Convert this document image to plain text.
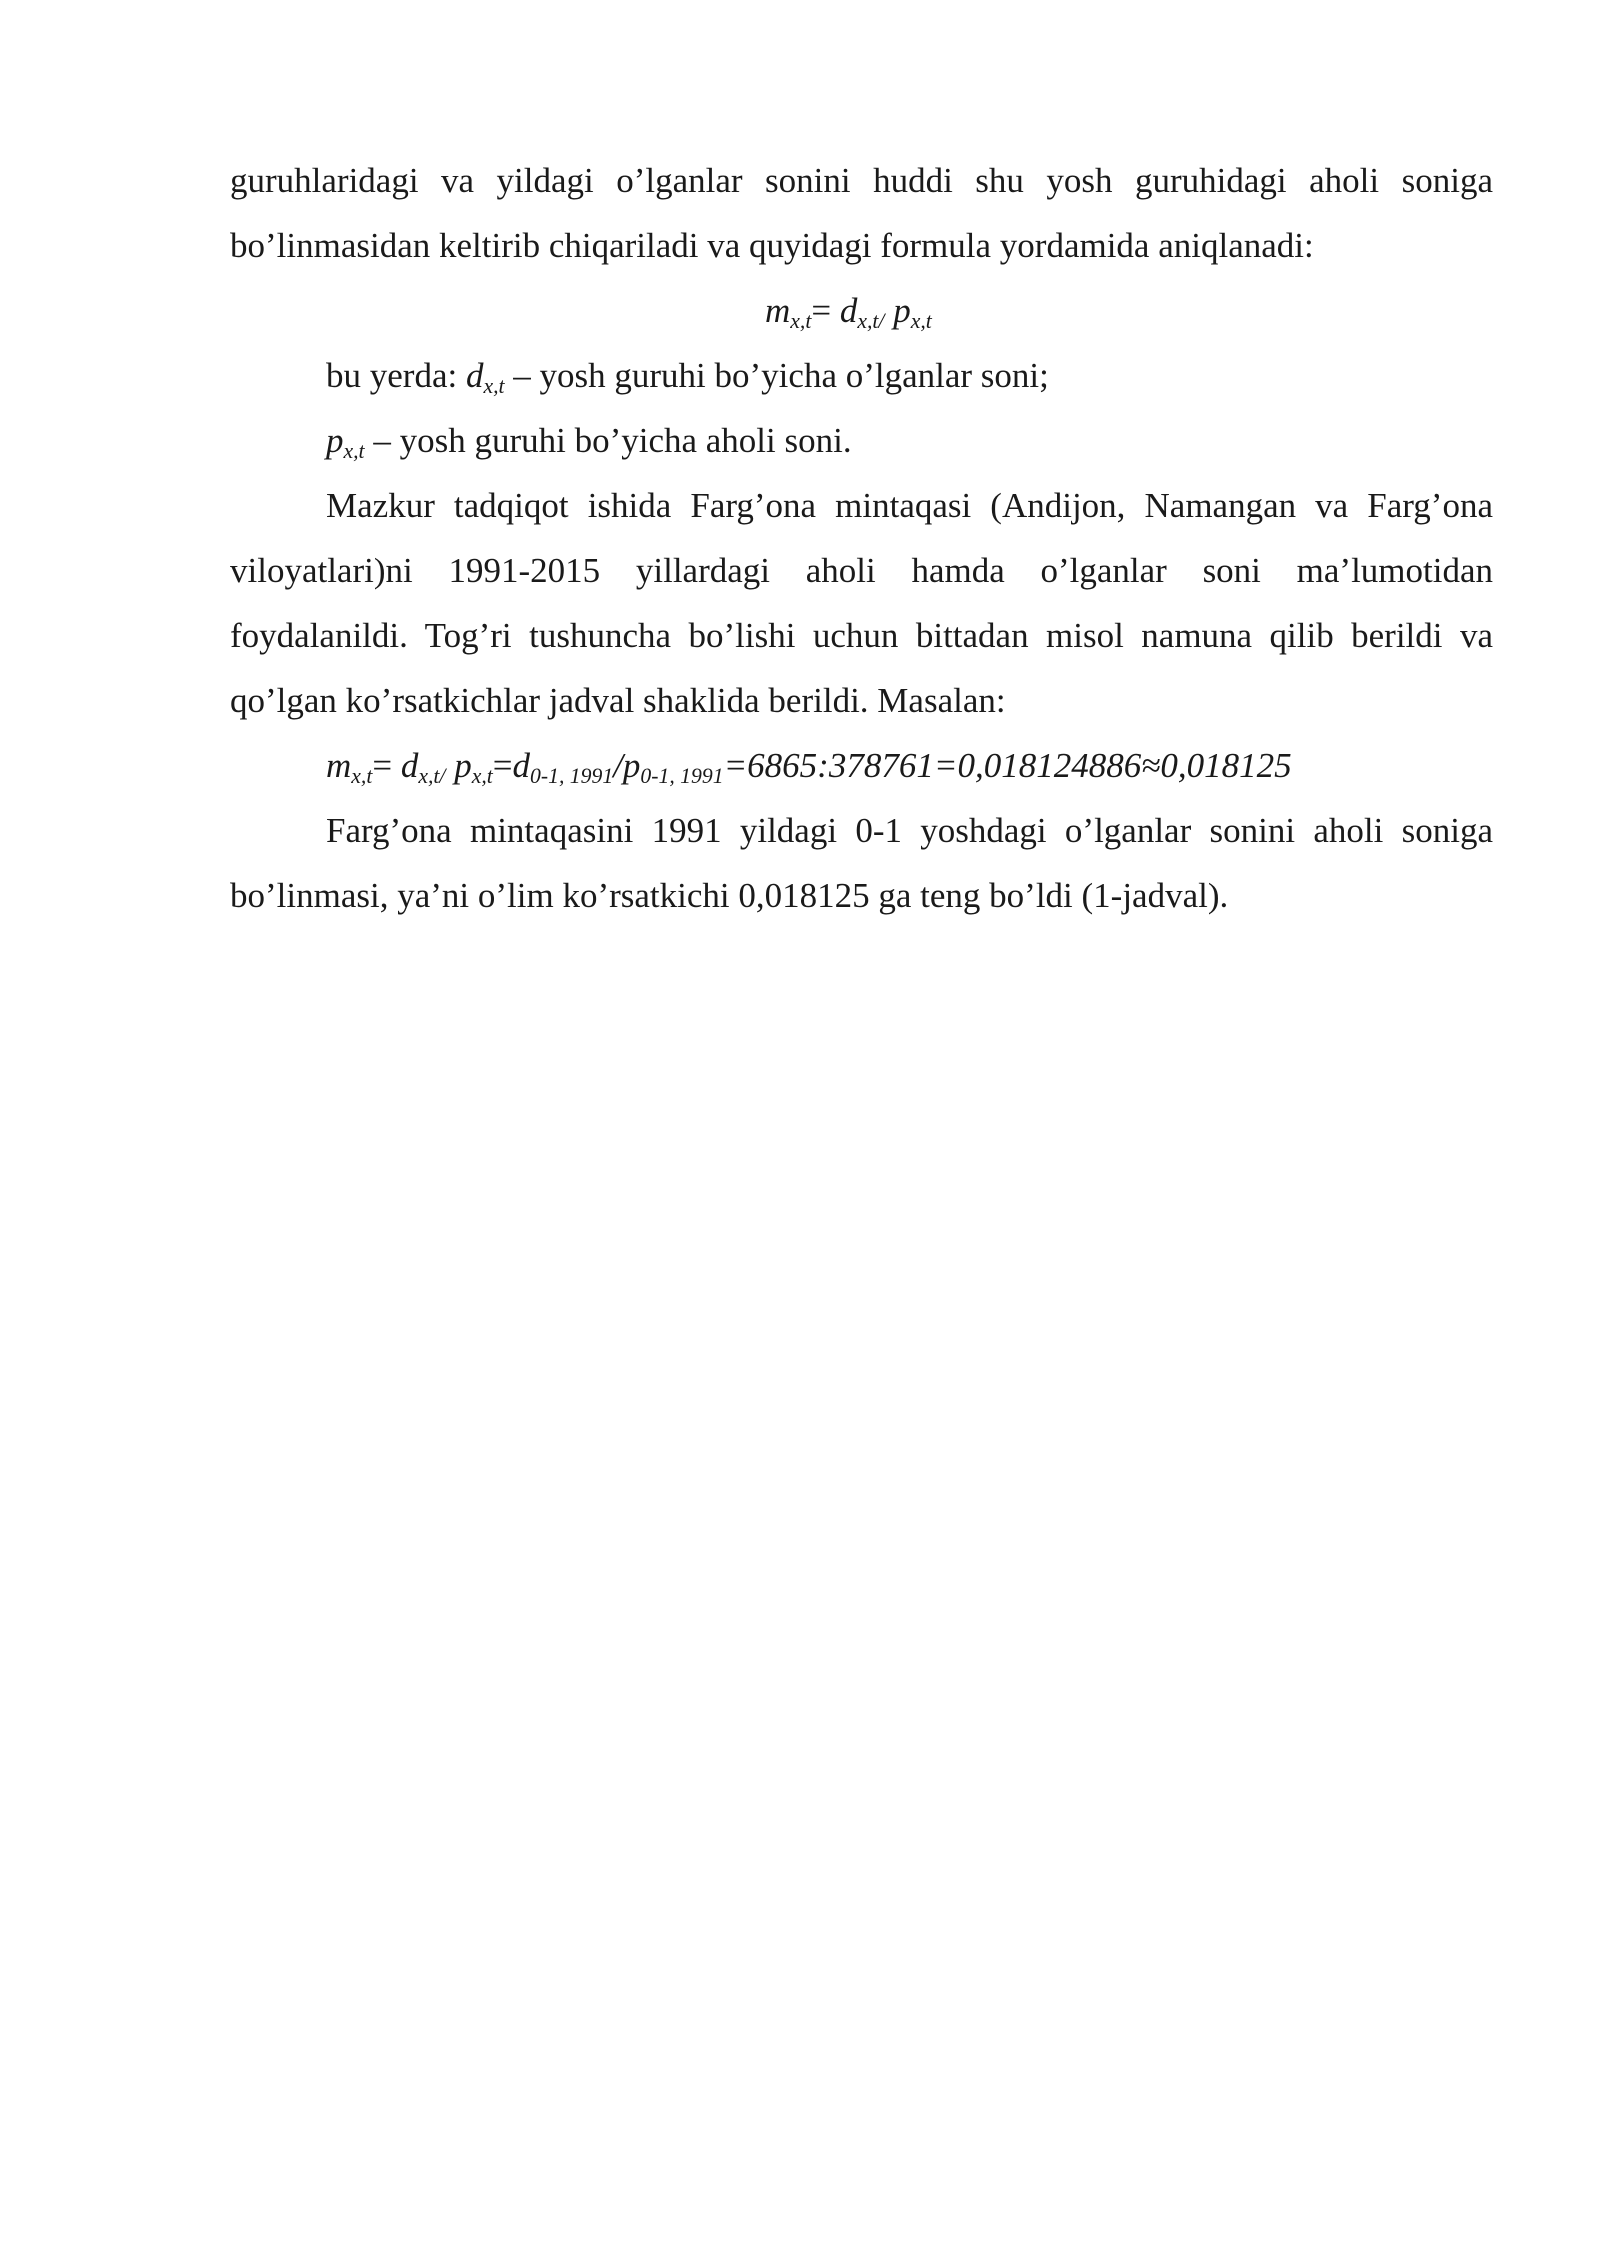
guruhlaridagi va yildagi o’lganlar sonini huddi shu yosh guruhidagi aholi soniga

bo’linmasidan keltirib chiqariladi va quyidagi formula yordamida aniqlanadi:

$m_{x,t}= d_{x,t/}$ $p_{x,t}$

bu yerda: $d_{x,t}$ – yosh guruhi bo’yicha o’lganlar soni;

$p_{x,t}$ – yosh guruhi bo’yicha aholi soni.

Mazkur tadqiqot ishida Farg’ona mintaqasi (Andijon, Namangan va Farg’ona

viloyatlari)ni 1991-2015 yillardagi aholi hamda o’lganlar soni ma’lumotidan

foydalanildi. Tog’ri tushuncha bo’lishi uchun bittadan misol namuna qilib berildi va

qo’lgan ko’rsatkichlar jadval shaklida berildi. Masalan:

$m_{x,t}= d_{x,t/}$ $p_{x,t}=d_{0-1, 1991}/p_{0-1, 1991}=6865:378761=0,018124886\approx 0,018125$

Farg’ona mintaqasini 1991 yildagi 0-1 yoshdagi o’lganlar sonini aholi soniga

bo’linmasi, ya’ni o’lim ko’rsatkichi 0,018125 ga teng bo’ldi (1-jadval).
